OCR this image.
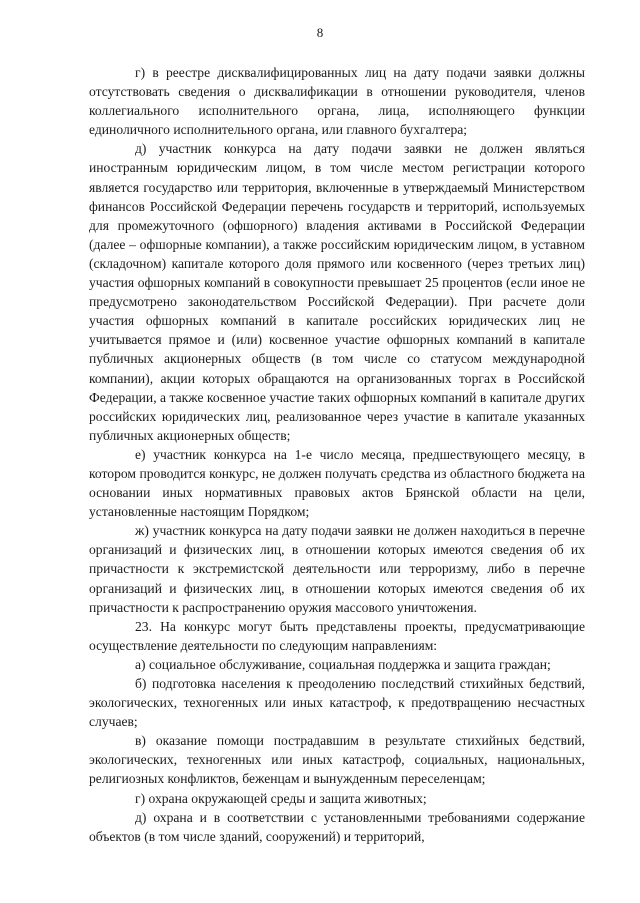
8

г) в реестре дисквалифицированных лиц на дату подачи заявки должны отсутствовать сведения о дисквалификации в отношении руководителя, членов коллегиального исполнительного органа, лица, исполняющего функции единоличного исполнительного органа, или главного бухгалтера;

д) участник конкурса на дату подачи заявки не должен являться иностранным юридическим лицом, в том числе местом регистрации которого является государство или территория, включенные в утверждаемый Министерством финансов Российской Федерации перечень государств и территорий, используемых для промежуточного (офшорного) владения активами в Российской Федерации (далее – офшорные компании), а также российским юридическим лицом, в уставном (складочном) капитале которого доля прямого или косвенного (через третьих лиц) участия офшорных компаний в совокупности превышает 25 процентов (если иное не предусмотрено законодательством Российской Федерации). При расчете доли участия офшорных компаний в капитале российских юридических лиц не учитывается прямое и (или) косвенное участие офшорных компаний в капитале публичных акционерных обществ (в том числе со статусом международной компании), акции которых обращаются на организованных торгах в Российской Федерации, а также косвенное участие таких офшорных компаний в капитале других российских юридических лиц, реализованное через участие в капитале указанных публичных акционерных обществ;

е) участник конкурса на 1-е число месяца, предшествующего месяцу, в котором проводится конкурс, не должен получать средства из областного бюджета на основании иных нормативных правовых актов Брянской области на цели, установленные настоящим Порядком;

ж) участник конкурса на дату подачи заявки не должен находиться в перечне организаций и физических лиц, в отношении которых имеются сведения об их причастности к экстремистской деятельности или терроризму, либо в перечне организаций и физических лиц, в отношении которых имеются сведения об их причастности к распространению оружия массового уничтожения.

23. На конкурс могут быть представлены проекты, предусматривающие осуществление деятельности по следующим направлениям:

а) социальное обслуживание, социальная поддержка и защита граждан;

б) подготовка населения к преодолению последствий стихийных бедствий, экологических, техногенных или иных катастроф, к предотвращению несчастных случаев;

в) оказание помощи пострадавшим в результате стихийных бедствий, экологических, техногенных или иных катастроф, социальных, национальных, религиозных конфликтов, беженцам и вынужденным переселенцам;

г) охрана окружающей среды и защита животных;

д) охрана и в соответствии с установленными требованиями содержание объектов (в том числе зданий, сооружений) и территорий,
